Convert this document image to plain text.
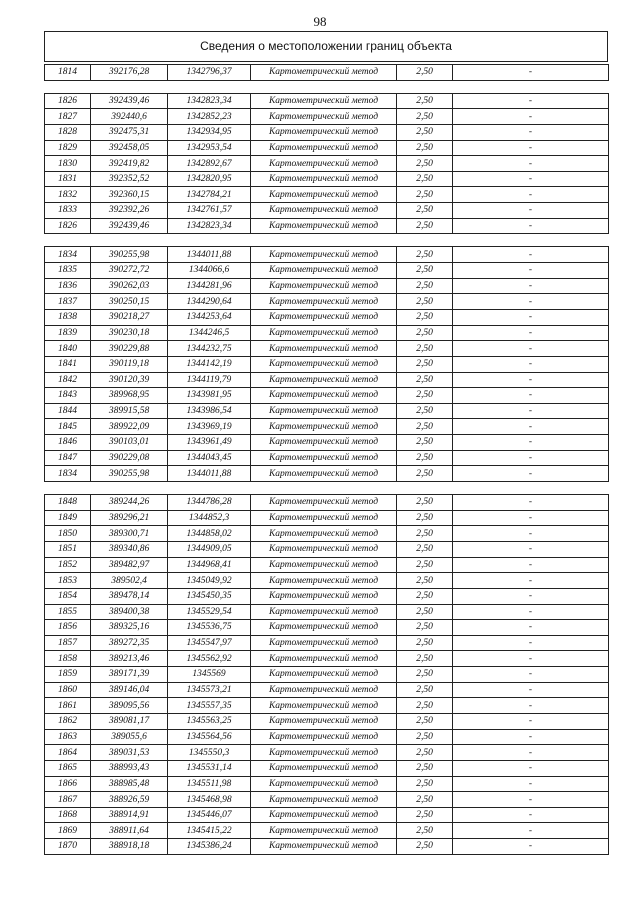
98
Сведения о местоположении границ объекта
1814	392176,28	1342796,37	Картометрический метод	2,50	-

1826	392439,46	1342823,34	Картометрический метод	2,50	-
1827	392440,6	1342852,23	Картометрический метод	2,50	-
1828	392475,31	1342934,95	Картометрический метод	2,50	-
1829	392458,05	1342953,54	Картометрический метод	2,50	-
1830	392419,82	1342892,67	Картометрический метод	2,50	-
1831	392352,52	1342820,95	Картометрический метод	2,50	-
1832	392360,15	1342784,21	Картометрический метод	2,50	-
1833	392392,26	1342761,57	Картометрический метод	2,50	-
1826	392439,46	1342823,34	Картометрический метод	2,50	-

1834	390255,98	1344011,88	Картометрический метод	2,50	-
1835	390272,72	1344066,6	Картометрический метод	2,50	-
1836	390262,03	1344281,96	Картометрический метод	2,50	-
1837	390250,15	1344290,64	Картометрический метод	2,50	-
1838	390218,27	1344253,64	Картометрический метод	2,50	-
1839	390230,18	1344246,5	Картометрический метод	2,50	-
1840	390229,88	1344232,75	Картометрический метод	2,50	-
1841	390119,18	1344142,19	Картометрический метод	2,50	-
1842	390120,39	1344119,79	Картометрический метод	2,50	-
1843	389968,95	1343981,95	Картометрический метод	2,50	-
1844	389915,58	1343986,54	Картометрический метод	2,50	-
1845	389922,09	1343969,19	Картометрический метод	2,50	-
1846	390103,01	1343961,49	Картометрический метод	2,50	-
1847	390229,08	1344043,45	Картометрический метод	2,50	-
1834	390255,98	1344011,88	Картометрический метод	2,50	-

1848	389244,26	1344786,28	Картометрический метод	2,50	-
1849	389296,21	1344852,3	Картометрический метод	2,50	-
1850	389300,71	1344858,02	Картометрический метод	2,50	-
1851	389340,86	1344909,05	Картометрический метод	2,50	-
1852	389482,97	1344968,41	Картометрический метод	2,50	-
1853	389502,4	1345049,92	Картометрический метод	2,50	-
1854	389478,14	1345450,35	Картометрический метод	2,50	-
1855	389400,38	1345529,54	Картометрический метод	2,50	-
1856	389325,16	1345536,75	Картометрический метод	2,50	-
1857	389272,35	1345547,97	Картометрический метод	2,50	-
1858	389213,46	1345562,92	Картометрический метод	2,50	-
1859	389171,39	1345569	Картометрический метод	2,50	-
1860	389146,04	1345573,21	Картометрический метод	2,50	-
1861	389095,56	1345557,35	Картометрический метод	2,50	-
1862	389081,17	1345563,25	Картометрический метод	2,50	-
1863	389055,6	1345564,56	Картометрический метод	2,50	-
1864	389031,53	1345550,3	Картометрический метод	2,50	-
1865	388993,43	1345531,14	Картометрический метод	2,50	-
1866	388985,48	1345511,98	Картометрический метод	2,50	-
1867	388926,59	1345468,98	Картометрический метод	2,50	-
1868	388914,91	1345446,07	Картометрический метод	2,50	-
1869	388911,64	1345415,22	Картометрический метод	2,50	-
1870	388918,18	1345386,24	Картометрический метод	2,50	-
